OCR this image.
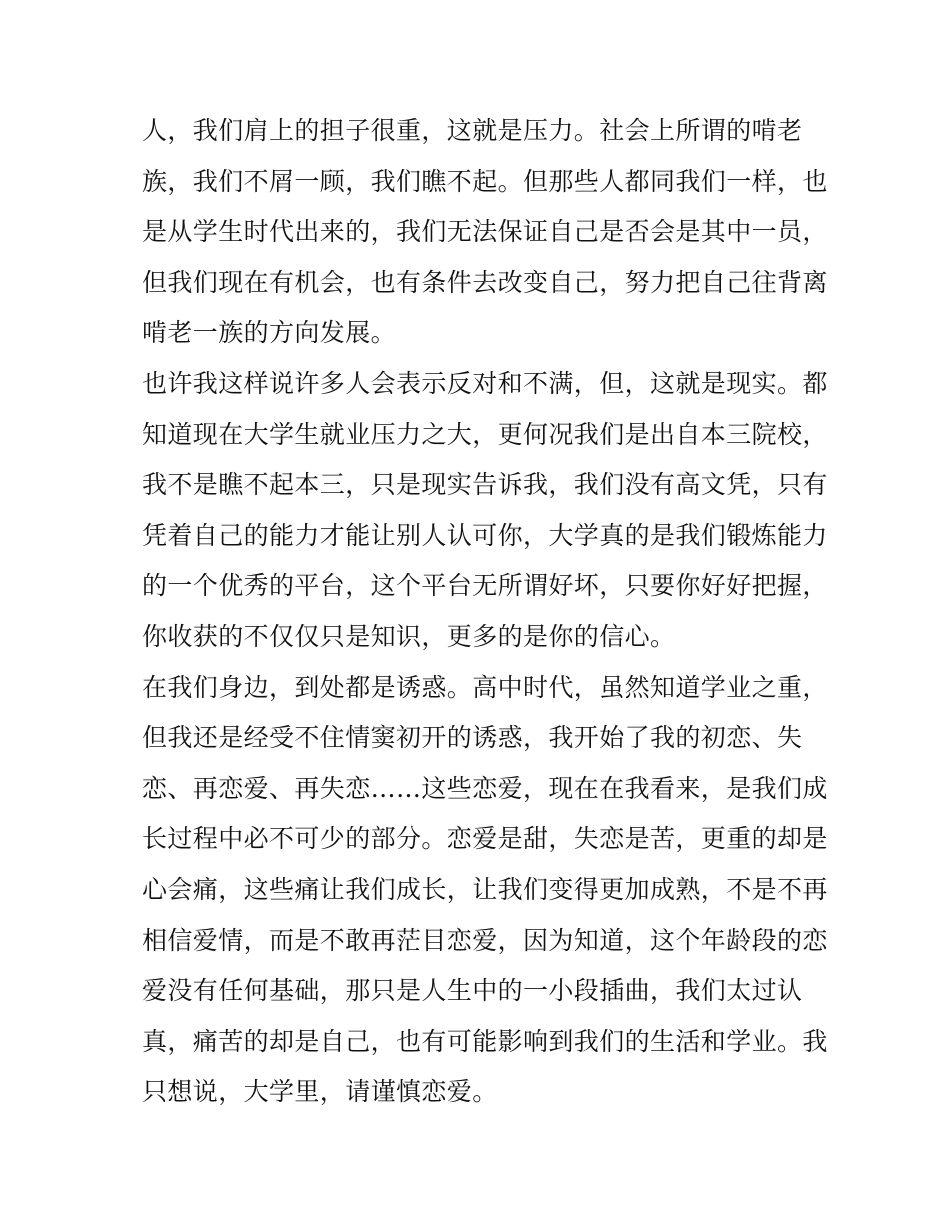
人，我们肩上的担子很重，这就是压力。社会上所谓的啃老
族，我们不屑一顾，我们瞧不起。但那些人都同我们一样，也
是从学生时代出来的，我们无法保证自己是否会是其中一员，
但我们现在有机会，也有条件去改变自己，努力把自己往背离
啃老一族的方向发展。
也许我这样说许多人会表示反对和不满，但，这就是现实。都
知道现在大学生就业压力之大，更何况我们是出自本三院校，
我不是瞧不起本三，只是现实告诉我，我们没有高文凭，只有
凭着自己的能力才能让别人认可你，大学真的是我们锻炼能力
的一个优秀的平台，这个平台无所谓好坏，只要你好好把握，
你收获的不仅仅只是知识，更多的是你的信心。
在我们身边，到处都是诱惑。高中时代，虽然知道学业之重，
但我还是经受不住情窦初开的诱惑，我开始了我的初恋、失
恋、再恋爱、再失恋……这些恋爱，现在在我看来，是我们成
长过程中必不可少的部分。恋爱是甜，失恋是苦，更重的却是
心会痛，这些痛让我们成长，让我们变得更加成熟，不是不再
相信爱情，而是不敢再茫目恋爱，因为知道，这个年龄段的恋
爱没有任何基础，那只是人生中的一小段插曲，我们太过认
真，痛苦的却是自己，也有可能影响到我们的生活和学业。我
只想说，大学里，请谨慎恋爱。
